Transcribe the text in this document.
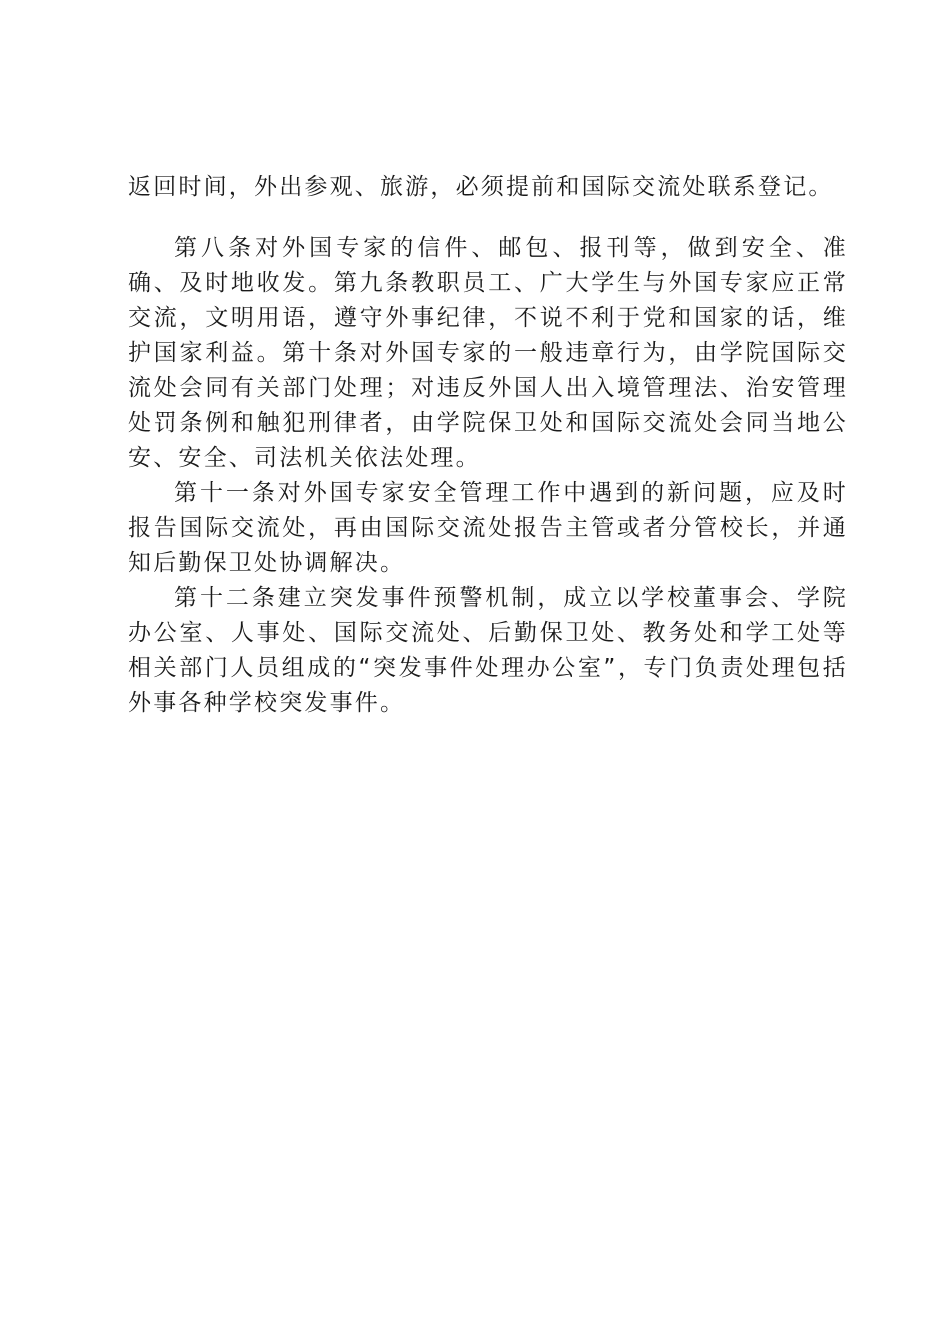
返回时间，外出参观、旅游，必须提前和国际交流处联系登记。

第八条对外国专家的信件、邮包、报刊等，做到安全、准确、及时地收发。第九条教职员工、广大学生与外国专家应正常交流，文明用语，遵守外事纪律，不说不利于党和国家的话，维护国家利益。第十条对外国专家的一般违章行为，由学院国际交流处会同有关部门处理；对违反外国人出入境管理法、治安管理处罚条例和触犯刑律者，由学院保卫处和国际交流处会同当地公安、安全、司法机关依法处理。

第十一条对外国专家安全管理工作中遇到的新问题，应及时报告国际交流处，再由国际交流处报告主管或者分管校长，并通知后勤保卫处协调解决。

第十二条建立突发事件预警机制，成立以学校董事会、学院办公室、人事处、国际交流处、后勤保卫处、教务处和学工处等相关部门人员组成的“突发事件处理办公室”，专门负责处理包括外事各种学校突发事件。
